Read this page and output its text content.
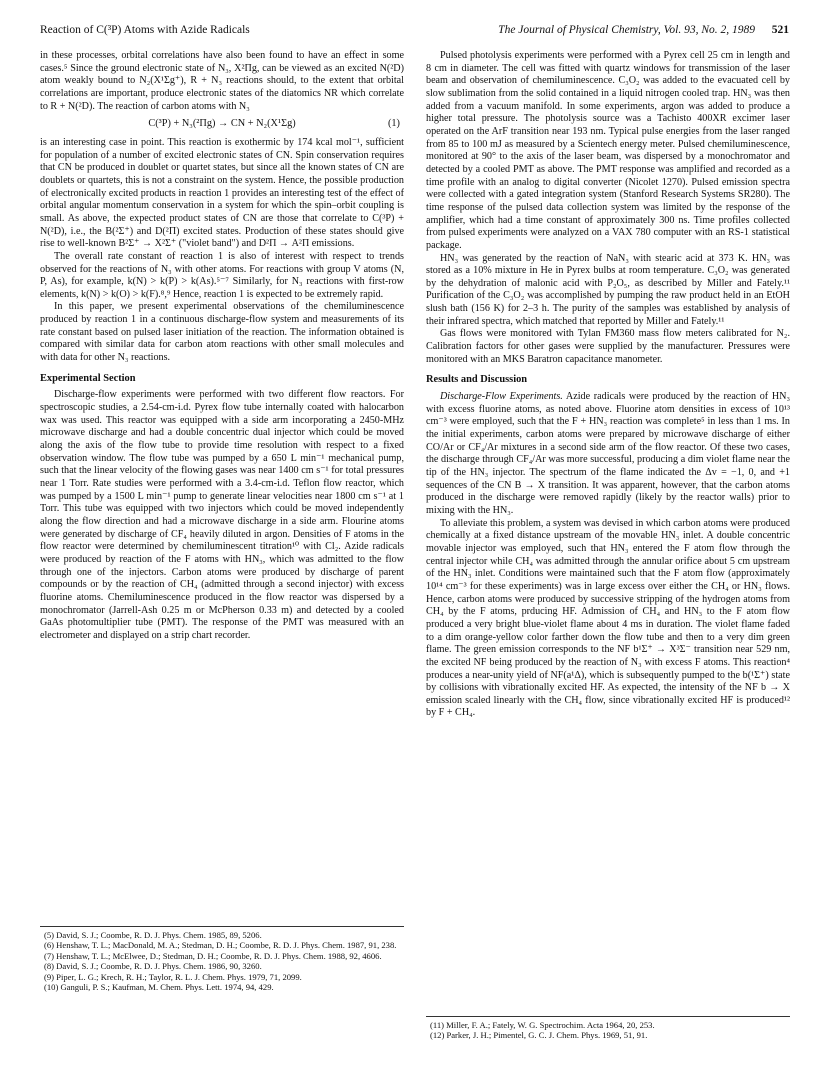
Reaction of C(³P) Atoms with Azide Radicals	The Journal of Physical Chemistry, Vol. 93, No. 2, 1989 521

in these processes, orbital correlations have also been found to have an effect in some cases.⁵ Since the ground electronic state of N₃, X²Πg, can be viewed as an excited N(²D) atom weakly bound to N₂(X¹Σg⁺), R + N₃ reactions should, to the extent that orbital correlations are important, produce electronic states of the diatomics NR which correlate to R + N(²D). The reaction of carbon atoms with N₃

C(³P) + N₃(²Πg) → CN + N₂(X¹Σg)	(1)

is an interesting case in point. This reaction is exothermic by 174 kcal mol⁻¹, sufficient for population of a number of excited electronic states of CN. Spin conservation requires that CN be produced in doublet or quartet states, but since all the known states of CN are doublets or quartets, this is not a constraint on the system. Hence, the possible production of electronically excited products in reaction 1 provides an interesting test of the effect of orbital angular momentum conservation in a system for which the spin–orbit coupling is small. As above, the expected product states of CN are those that correlate to C(³P) + N(²D), i.e., the B(²Σ⁺) and D(²Π) excited states. Production of these states should give rise to well-known B²Σ⁺ → X²Σ⁺ ("violet band") and D²Π → A²Π emissions.

The overall rate constant of reaction 1 is also of interest with respect to trends observed for the reactions of N₃ with other atoms. For reactions with group V atoms (N, P, As), for example, k(N) > k(P) > k(As).⁵⁻⁷ Similarly, for N₃ reactions with first-row elements, k(N) > k(O) > k(F).⁸,⁹ Hence, reaction 1 is expected to be extremely rapid.

In this paper, we present experimental observations of the chemiluminescence produced by reaction 1 in a continuous discharge-flow system and measurements of its rate constant based on pulsed laser initiation of the reaction. The information obtained is compared with similar data for carbon atom reactions with other small molecules and with data for other N₃ reactions.

Experimental Section

Discharge-flow experiments were performed with two different flow reactors. For spectroscopic studies, a 2.54-cm-i.d. Pyrex flow tube internally coated with halocarbon wax was used. This reactor was equipped with a side arm incorporating a 2450-MHz microwave discharge and had a double concentric dual injector which could be moved along the axis of the flow tube to provide time resolution with respect to a fixed observation window. The flow tube was pumped by a 650 L min⁻¹ mechanical pump, such that the linear velocity of the flowing gases was near 1400 cm s⁻¹ for total pressures near 1 Torr. Rate studies were performed with a 3.4-cm-i.d. Teflon flow reactor, which was pumped by a 1500 L min⁻¹ pump to generate linear velocities near 1800 cm s⁻¹ at 1 Torr. This tube was equipped with two injectors which could be moved independently along the flow direction and had a microwave discharge in a side arm. Flourine atoms were generated by discharge of CF₄ heavily diluted in argon. Densities of F atoms in the flow reactor were determined by chemiluminescent titration¹⁰ with Cl₂. Azide radicals were produced by reaction of the F atoms with HN₃, which was admitted to the flow through one of the injectors. Carbon atoms were produced by discharge of parent compounds or by the reaction of CH₄ (admitted through a second injector) with excess fluorine atoms. Chemiluminescence produced in the flow reactor was dispersed by a monochromator (Jarrell-Ash 0.25 m or McPherson 0.33 m) and detected by a cooled GaAs photomultiplier tube (PMT). The response of the PMT was measured with an electrometer and displayed on a strip chart recorder.

(5) David, S. J.; Coombe, R. D. J. Phys. Chem. 1985, 89, 5206.
(6) Henshaw, T. L.; MacDonald, M. A.; Stedman, D. H.; Coombe, R. D. J. Phys. Chem. 1987, 91, 238.
(7) Henshaw, T. L.; McElwee, D.; Stedman, D. H.; Coombe, R. D. J. Phys. Chem. 1988, 92, 4606.
(8) David, S. J.; Coombe, R. D. J. Phys. Chem. 1986, 90, 3260.
(9) Piper, L. G.; Krech, R. H.; Taylor, R. L. J. Chem. Phys. 1979, 71, 2099.
(10) Ganguli, P. S.; Kaufman, M. Chem. Phys. Lett. 1974, 94, 429.

Pulsed photolysis experiments were performed with a Pyrex cell 25 cm in length and 8 cm in diameter. The cell was fitted with quartz windows for transmission of the laser beam and observation of chemiluminescence. C₃O₂ was added to the evacuated cell by slow sublimation from the solid contained in a liquid nitrogen cooled trap. HN₃ was then added from a vacuum manifold. In some experiments, argon was added to produce a higher total pressure. The photolysis source was a Tachisto 400XR excimer laser operated on the ArF transition near 193 nm. Typical pulse energies from the laser ranged from 85 to 100 mJ as measured by a Scientech energy meter. Pulsed chemiluminescence, monitored at 90° to the axis of the laser beam, was dispersed by a monochromator and detected by a cooled PMT as above. The PMT response was amplified and recorded as a time profile with an analog to digital converter (Nicolet 1270). Pulsed emission spectra were collected with a gated integration system (Stanford Research Systems SR280). The time response of the pulsed data collection system was limited by the response of the amplifier, which had a time constant of approximately 300 ns. Time profiles collected from pulsed experiments were analyzed on a VAX 780 computer with an RS-1 statistical package.

HN₃ was generated by the reaction of NaN₃ with stearic acid at 373 K. HN₃ was stored as a 10% mixture in He in Pyrex bulbs at room temperature. C₃O₂ was generated by the dehydration of malonic acid with P₂O₅, as described by Miller and Fately.¹¹ Purification of the C₃O₂ was accomplished by pumping the raw product held in an EtOH slush bath (156 K) for 2–3 h. The purity of the samples was established by analysis of their infrared spectra, which matched that reported by Miller and Fately.¹¹

Gas flows were monitored with Tylan FM360 mass flow meters calibrated for N₂. Calibration factors for other gases were supplied by the manufacturer. Pressures were monitored with an MKS Baratron capacitance manometer.

Results and Discussion

Discharge-Flow Experiments. Azide radicals were produced by the reaction of HN₃ with excess fluorine atoms, as noted above. Fluorine atom densities in excess of 10¹³ cm⁻³ were employed, such that the F + HN₃ reaction was complete⁵ in less than 1 ms. In the initial experiments, carbon atoms were prepared by microwave discharge of either CO/Ar or CF₄/Ar mixtures in a second side arm of the flow reactor. Of these two cases, the discharge through CF₄/Ar was more successful, producing a dim violet flame near the tip of the HN₃ injector. The spectrum of the flame indicated the Δv = −1, 0, and +1 sequences of the CN B → X transition. It was apparent, however, that the carbon atoms produced in the discharge were removed rapidly (likely by the reactor walls) prior to mixing with the HN₃.

To alleviate this problem, a system was devised in which carbon atoms were produced chemically at a fixed distance upstream of the movable HN₃ inlet. A double concentric movable injector was employed, such that HN₃ entered the F atom flow through the central injector while CH₄ was admitted through the annular orifice about 5 cm upstream of the HN₃ inlet. Conditions were maintained such that the F atom flow (approximately 10¹⁴ cm⁻³ for these experiments) was in large excess over either the CH₄ or HN₃ flows. Hence, carbon atoms were produced by successive stripping of the hydrogen atoms from CH₄ by the F atoms, prducing HF. Admission of CH₄ and HN₃ to the F atom flow produced a very bright blue-violet flame about 4 ms in duration. The violet flame faded to a dim orange-yellow color farther down the flow tube and then to a very dim green flame. The green emission corresponds to the NF b¹Σ⁺ → X³Σ⁻ transition near 529 nm, the excited NF being produced by the reaction of N₃ with excess F atoms. This reaction⁴ produces a near-unity yield of NF(a¹Δ), which is subsequently pumped to the b(¹Σ⁺) state by collisions with vibrationally excited HF. As expected, the intensity of the NF b → X emission scaled linearly with the CH₄ flow, since vibrationally excited HF is produced¹² by F + CH₄.

(11) Miller, F. A.; Fately, W. G. Spectrochim. Acta 1964, 20, 253.
(12) Parker, J. H.; Pimentel, G. C. J. Chem. Phys. 1969, 51, 91.
